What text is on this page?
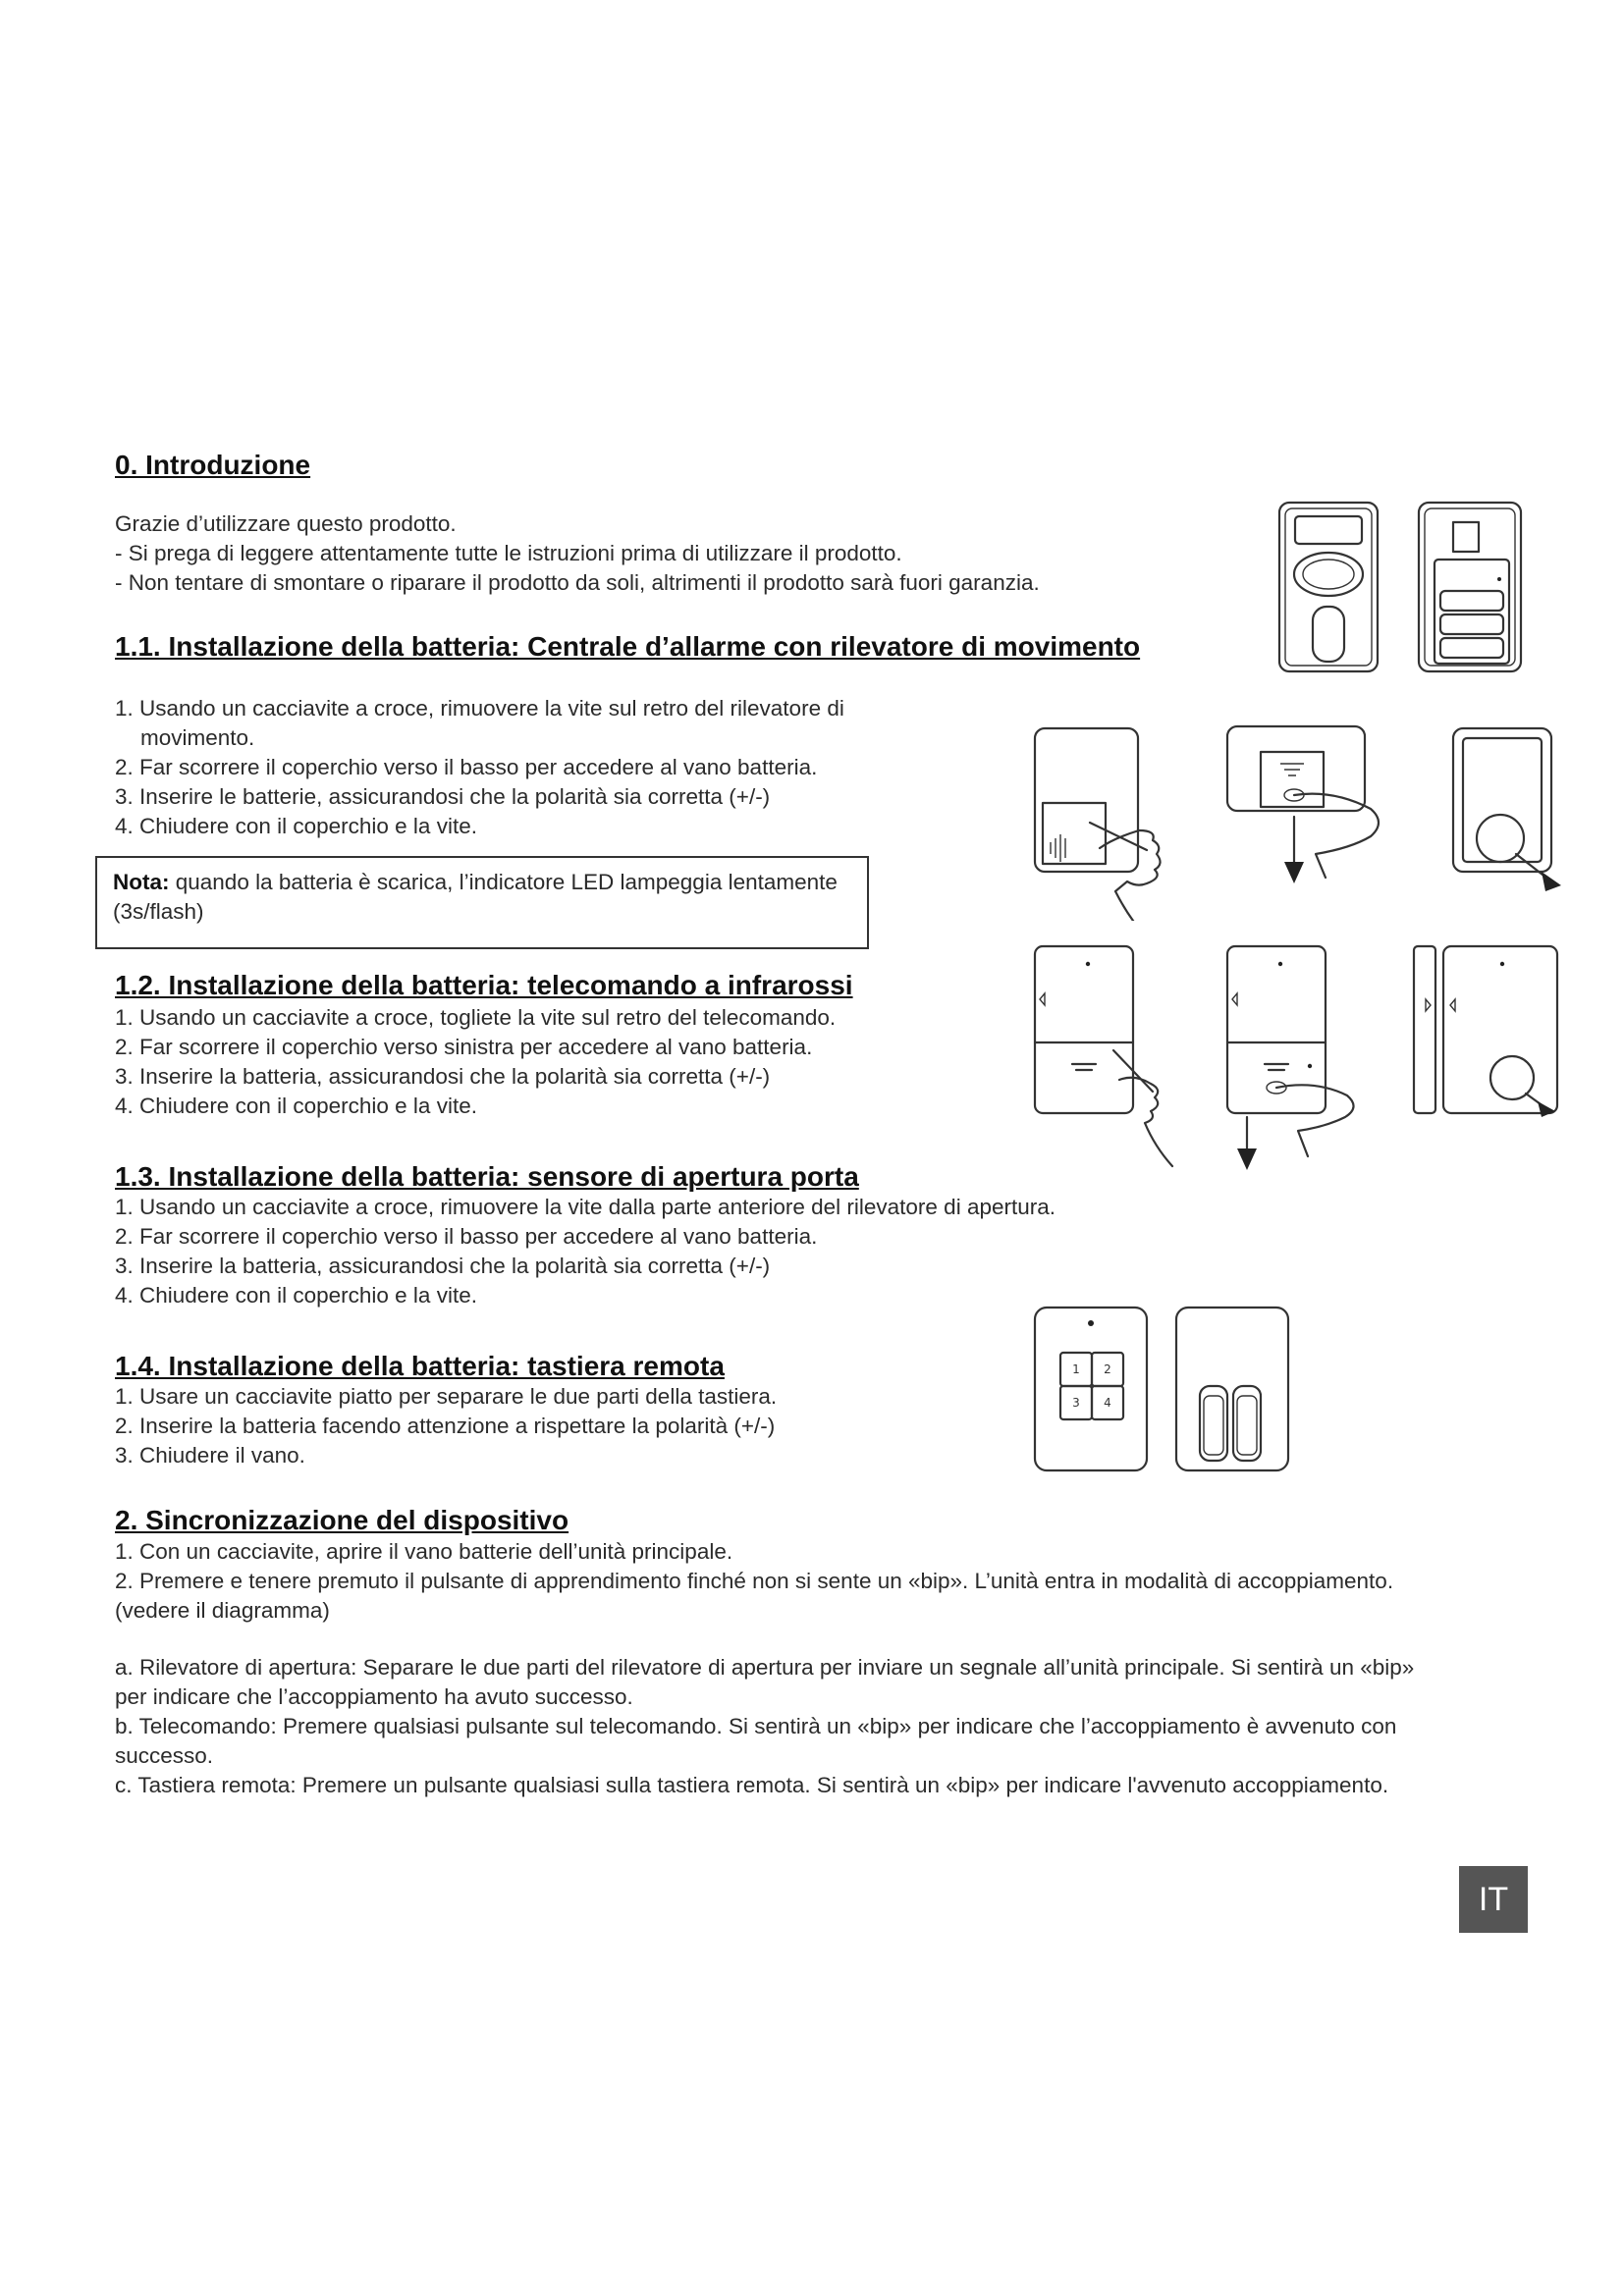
0. Introduzione

Grazie d’utilizzare questo prodotto.

- Si prega di leggere attentamente tutte le istruzioni prima di utilizzare il prodotto.

- Non tentare di smontare o riparare il prodotto da soli, altrimenti il prodotto sarà fuori garanzia.

1.1. Installazione della batteria: Centrale d’allarme con rilevatore di movimento

1. Usando un cacciavite a croce, rimuovere la vite sul retro del rilevatore di

movimento.

2. Far scorrere il coperchio verso il basso per accedere al vano batteria.

3. Inserire le batterie, assicurandosi che la polarità sia corretta (+/-)

4. Chiudere con il coperchio e la vite.

Nota: quando la batteria è scarica, l’indicatore LED lampeggia lentamente (3s/flash)
1.2. Installazione della batteria: telecomando a infrarossi

1. Usando un cacciavite a croce, togliete la vite sul retro del telecomando.

2. Far scorrere il coperchio verso sinistra per accedere al vano batteria.

3. Inserire la batteria, assicurandosi che la polarità sia corretta (+/-)

4. Chiudere con il coperchio e la vite.

1.3. Installazione della batteria: sensore di apertura porta

1. Usando un cacciavite a croce, rimuovere la vite dalla parte anteriore del rilevatore di apertura.

2. Far scorrere il coperchio verso il basso per accedere al vano batteria.

3. Inserire la batteria, assicurandosi che la polarità sia corretta (+/-)

4. Chiudere con il coperchio e la vite.

1.4. Installazione della batteria: tastiera remota

1. Usare un cacciavite piatto per separare le due parti della tastiera.

2. Inserire la batteria facendo attenzione a rispettare la polarità (+/-)

3. Chiudere il vano.

2. Sincronizzazione del dispositivo

1. Con un cacciavite, aprire il vano batterie dell’unità principale.

2. Premere e tenere premuto il pulsante di apprendimento finché non si sente un «bip». L’unità entra in modalità di accoppiamento. (vedere il diagramma)

a. Rilevatore di apertura: Separare le due parti del rilevatore di apertura per inviare un segnale all’unità principale. Si sentirà un «bip» per indicare che l’accoppiamento ha avuto successo.

b. Telecomando: Premere qualsiasi pulsante sul telecomando. Si sentirà un «bip» per indicare che l’accoppiamento è avvenuto con successo.

c. Tastiera remota: Premere un pulsante qualsiasi sulla tastiera remota. Si sentirà un «bip» per indicare l'avvenuto accoppiamento.

IT
1 2
3 4
